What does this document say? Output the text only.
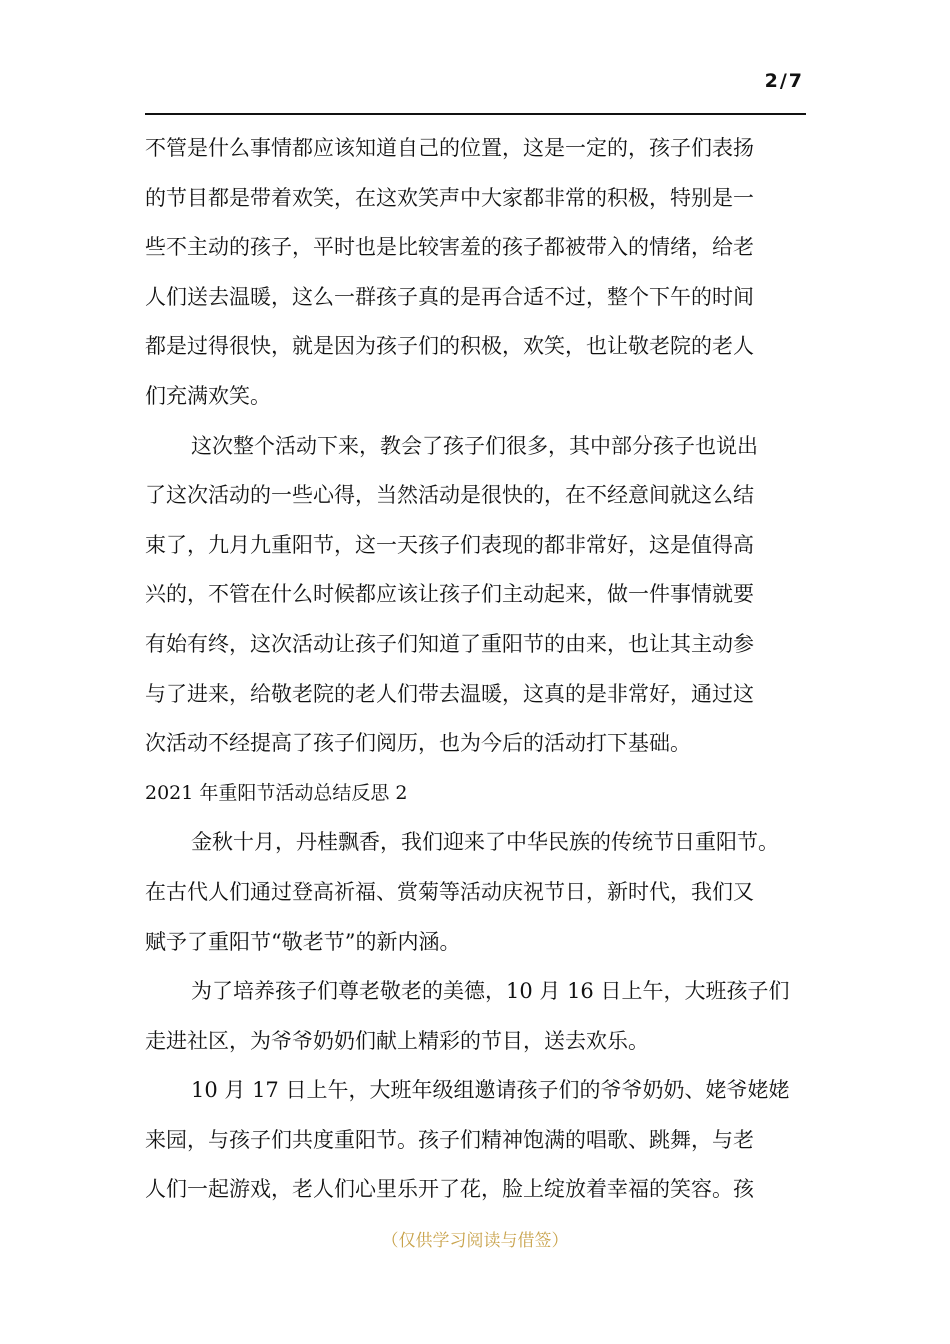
2/7
不管是什么事情都应该知道自己的位置，这是一定的，孩子们表扬
的节目都是带着欢笑，在这欢笑声中大家都非常的积极，特别是一
些不主动的孩子，平时也是比较害羞的孩子都被带入的情绪，给老
人们送去温暖，这么一群孩子真的是再合适不过，整个下午的时间
都是过得很快，就是因为孩子们的积极，欢笑，也让敬老院的老人
们充满欢笑。
这次整个活动下来，教会了孩子们很多，其中部分孩子也说出
了这次活动的一些心得，当然活动是很快的，在不经意间就这么结
束了，九月九重阳节，这一天孩子们表现的都非常好，这是值得高
兴的，不管在什么时候都应该让孩子们主动起来，做一件事情就要
有始有终，这次活动让孩子们知道了重阳节的由来，也让其主动参
与了进来，给敬老院的老人们带去温暖，这真的是非常好，通过这
次活动不经提高了孩子们阅历，也为今后的活动打下基础。
2021 年重阳节活动总结反思 2
金秋十月，丹桂飘香，我们迎来了中华民族的传统节日重阳节。
在古代人们通过登高祈福、赏菊等活动庆祝节日，新时代，我们又
赋予了重阳节“敬老节”的新内涵。
为了培养孩子们尊老敬老的美德，10 月 16 日上午，大班孩子们
走进社区，为爷爷奶奶们献上精彩的节目，送去欢乐。
10 月 17 日上午，大班年级组邀请孩子们的爷爷奶奶、姥爷姥姥
来园，与孩子们共度重阳节。孩子们精神饱满的唱歌、跳舞，与老
人们一起游戏，老人们心里乐开了花，脸上绽放着幸福的笑容。孩
（仅供学习阅读与借签）
